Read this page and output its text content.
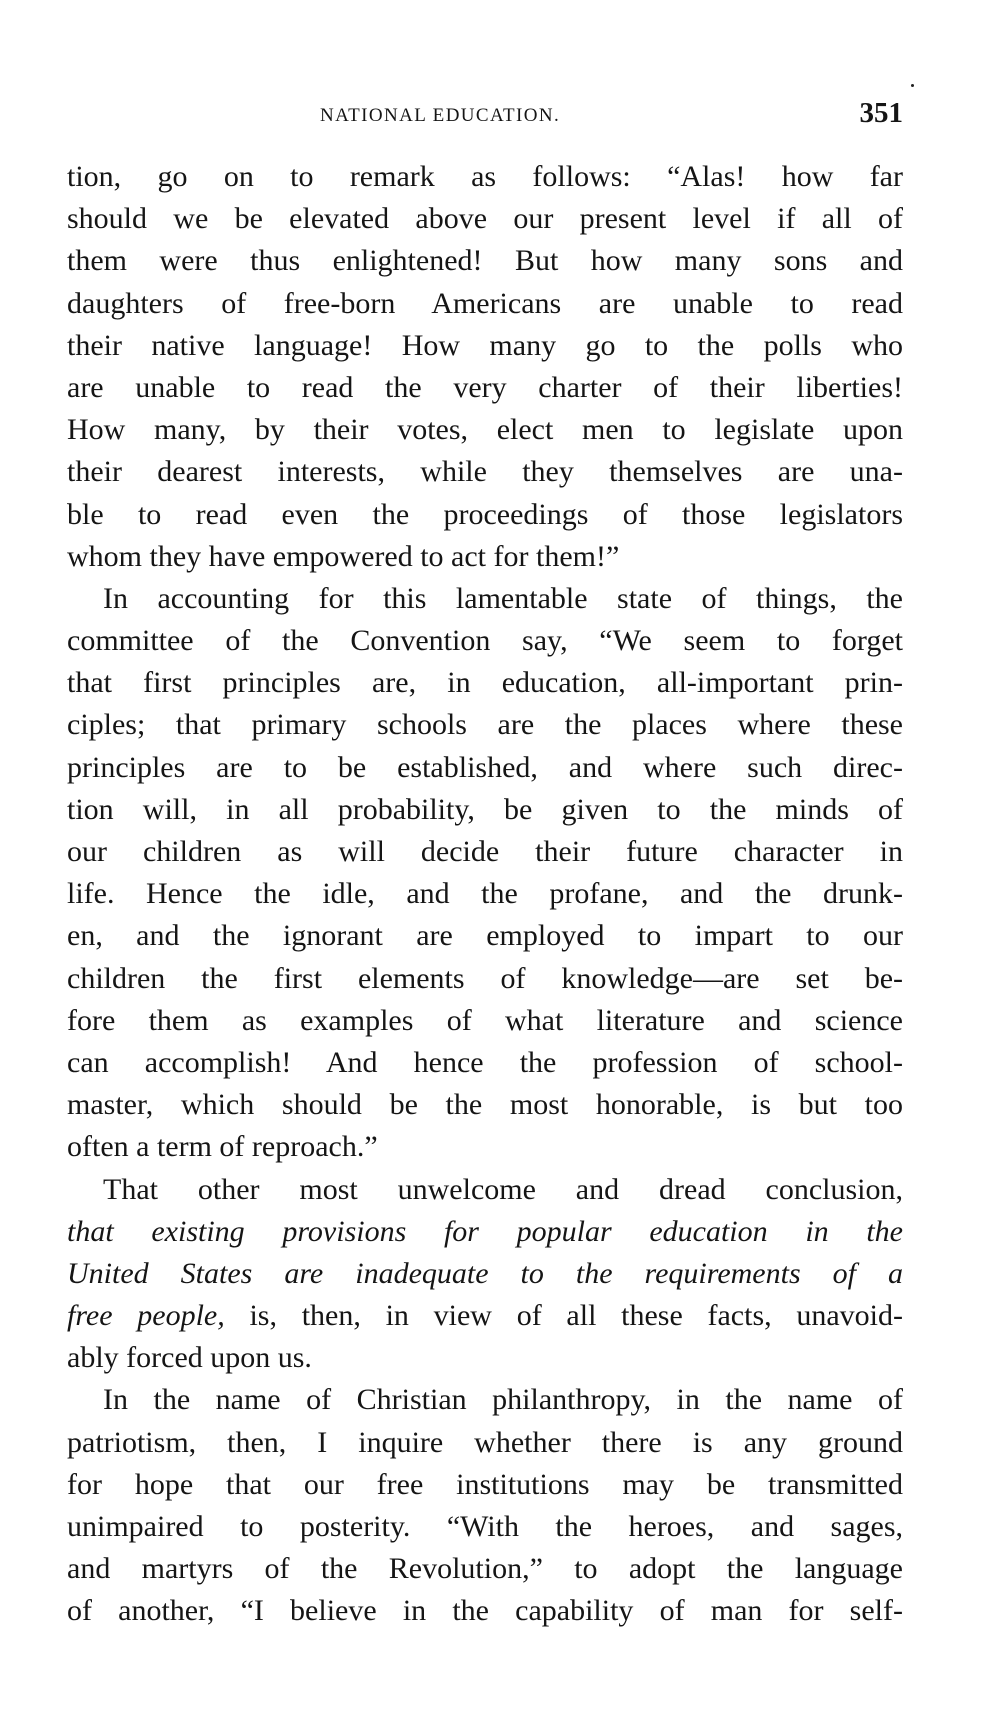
NATIONAL EDUCATION.	351
tion, go on to remark as follows: “Alas! how far
should we be elevated above our present level if all of
them were thus enlightened! But how many sons and
daughters of free-born Americans are unable to read
their native language! How many go to the polls who
are unable to read the very charter of their liberties!
How many, by their votes, elect men to legislate upon
their dearest interests, while they themselves are una-
ble to read even the proceedings of those legislators
whom they have empowered to act for them!”
In accounting for this lamentable state of things, the
committee of the Convention say, “We seem to forget
that first principles are, in education, all-important prin-
ciples; that primary schools are the places where these
principles are to be established, and where such direc-
tion will, in all probability, be given to the minds of
our children as will decide their future character in
life. Hence the idle, and the profane, and the drunk-
en, and the ignorant are employed to impart to our
children the first elements of knowledge—are set be-
fore them as examples of what literature and science
can accomplish! And hence the profession of school-
master, which should be the most honorable, is but too
often a term of reproach.”
That other most unwelcome and dread conclusion,
that existing provisions for popular education in the
United States are inadequate to the requirements of a
free people, is, then, in view of all these facts, unavoid-
ably forced upon us.
In the name of Christian philanthropy, in the name of
patriotism, then, I inquire whether there is any ground
for hope that our free institutions may be transmitted
unimpaired to posterity. “With the heroes, and sages,
and martyrs of the Revolution,” to adopt the language
of another, “I believe in the capability of man for self-
